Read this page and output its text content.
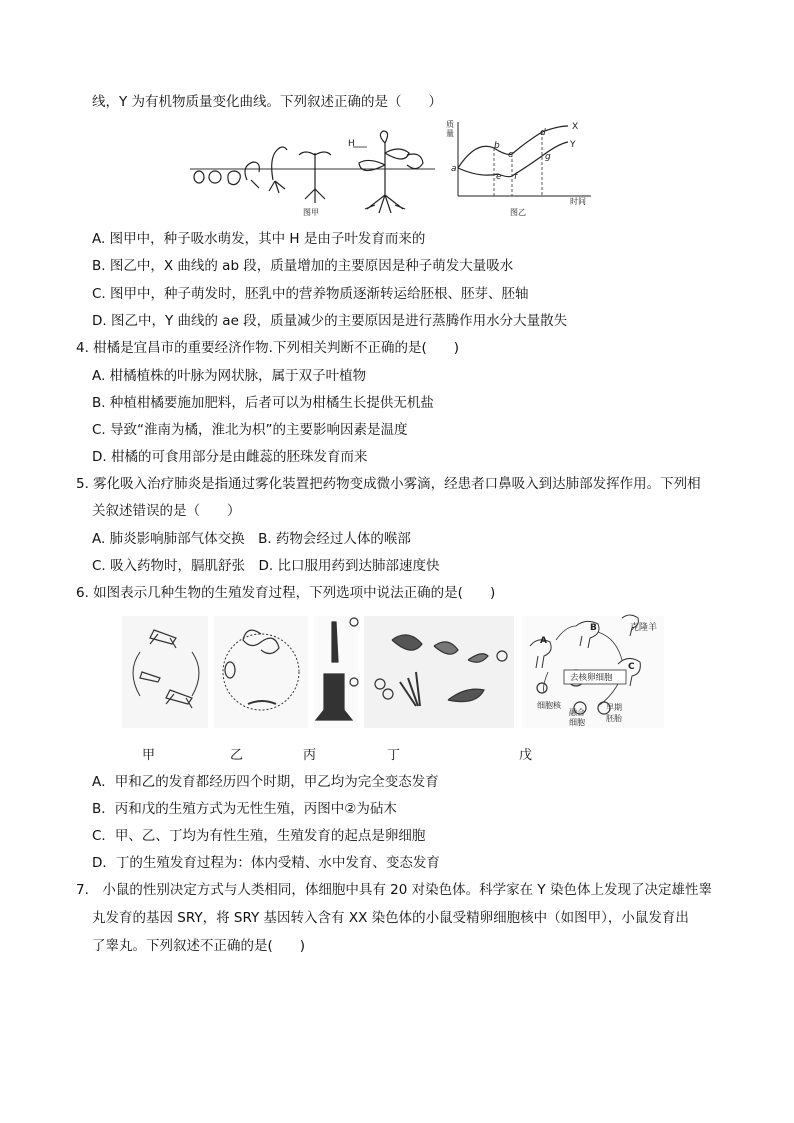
线，Y 为有机物质量变化曲线。下列叙述正确的是（　　）
H
图甲
质量
时间
X
Y
a
b
c
d
e f
g
图乙
A. 图甲中，种子吸水萌发，其中 H 是由子叶发育而来的
B. 图乙中，X 曲线的 ab 段，质量增加的主要原因是种子萌发大量吸水
C. 图甲中，种子萌发时，胚乳中的营养物质逐渐转运给胚根、胚芽、胚轴
D. 图乙中，Y 曲线的 ae 段，质量减少的主要原因是进行蒸腾作用水分大量散失
4. 柑橘是宜昌市的重要经济作物.下列相关判断不正确的是(　　)
A. 柑橘植株的叶脉为网状脉，属于双子叶植物
B. 种植柑橘要施加肥料，后者可以为柑橘生长提供无机盐
C. 导致“淮南为橘，淮北为枳”的主要影响因素是温度
D. 柑橘的可食用部分是由雌蕊的胚珠发育而来
5. 雾化吸入治疗肺炎是指通过雾化装置把药物变成微小雾滴，经患者口鼻吸入到达肺部发挥作用。下列相
关叙述错误的是（　　）
A. 肺炎影响肺部气体交换　B. 药物会经过人体的喉部
C. 吸入药物时，膈肌舒张　D. 比口服用药到达肺部速度快
6. 如图表示几种生物的生殖发育过程，下列选项中说法正确的是(　　)
克隆羊
去核卵细胞
细胞核
融合
细胞
早期
胚胎
A
B
C
甲	乙	丙	丁	戊
A．甲和乙的发育都经历四个时期，甲乙均为完全变态发育
B．丙和戊的生殖方式为无性生殖，丙图中②为砧木
C．甲、乙、丁均为有性生殖，生殖发育的起点是卵细胞
D．丁的生殖发育过程为：体内受精、水中发育、变态发育
7.　小鼠的性别决定方式与人类相同，体细胞中具有 20 对染色体。科学家在 Y 染色体上发现了决定雄性睾
丸发育的基因 SRY，将 SRY 基因转入含有 XX 染色体的小鼠受精卵细胞核中（如图甲），小鼠发育出
了睾丸。下列叙述不正确的是(　　)
